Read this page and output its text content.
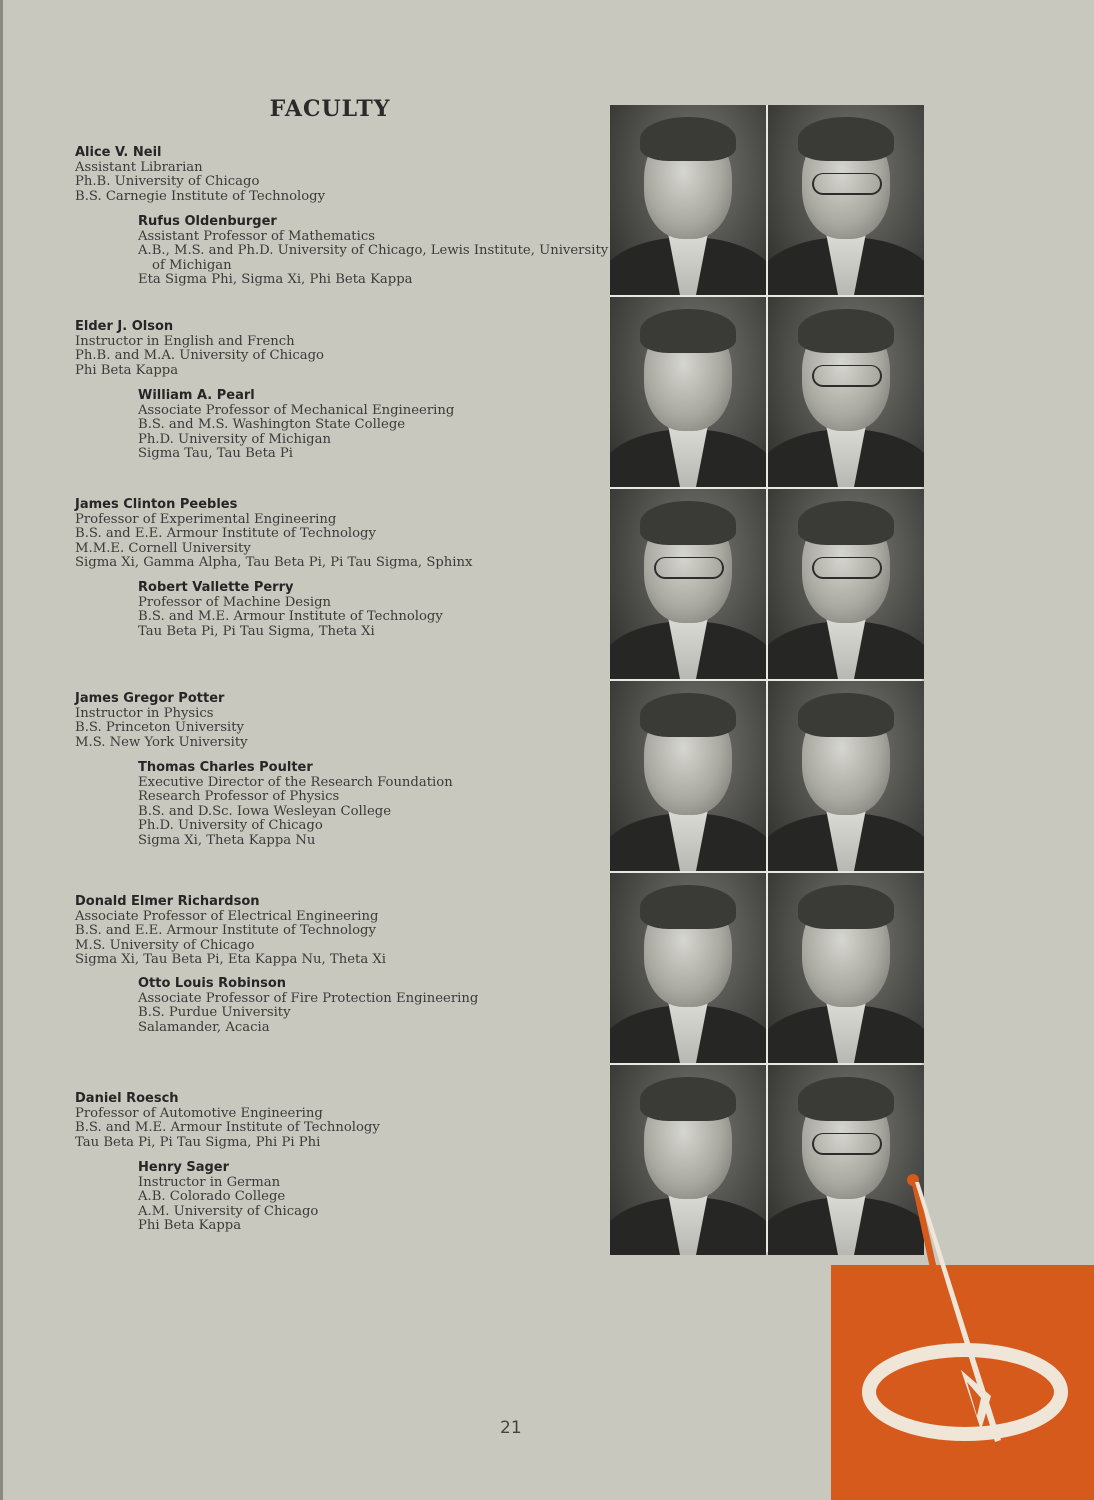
FACULTY
Alice V. Neil
Assistant Librarian
Ph.B. University of Chicago
B.S. Carnegie Institute of Technology
Rufus Oldenburger
Assistant Professor of Mathematics
A.B., M.S. and Ph.D. University of Chicago, Lewis Institute, University
of Michigan
Eta Sigma Phi, Sigma Xi, Phi Beta Kappa
Elder J. Olson
Instructor in English and French
Ph.B. and M.A. University of Chicago
Phi Beta Kappa
William A. Pearl
Associate Professor of Mechanical Engineering
B.S. and M.S. Washington State College
Ph.D. University of Michigan
Sigma Tau, Tau Beta Pi
James Clinton Peebles
Professor of Experimental Engineering
B.S. and E.E. Armour Institute of Technology
M.M.E. Cornell University
Sigma Xi, Gamma Alpha, Tau Beta Pi, Pi Tau Sigma, Sphinx
Robert Vallette Perry
Professor of Machine Design
B.S. and M.E. Armour Institute of Technology
Tau Beta Pi, Pi Tau Sigma, Theta Xi
James Gregor Potter
Instructor in Physics
B.S. Princeton University
M.S. New York University
Thomas Charles Poulter
Executive Director of the Research Foundation
Research Professor of Physics
B.S. and D.Sc. Iowa Wesleyan College
Ph.D. University of Chicago
Sigma Xi, Theta Kappa Nu
Donald Elmer Richardson
Associate Professor of Electrical Engineering
B.S. and E.E. Armour Institute of Technology
M.S. University of Chicago
Sigma Xi, Tau Beta Pi, Eta Kappa Nu, Theta Xi
Otto Louis Robinson
Associate Professor of Fire Protection Engineering
B.S. Purdue University
Salamander, Acacia
Daniel Roesch
Professor of Automotive Engineering
B.S. and M.E. Armour Institute of Technology
Tau Beta Pi, Pi Tau Sigma, Phi Pi Phi
Henry Sager
Instructor in German
A.B. Colorado College
A.M. University of Chicago
Phi Beta Kappa
21
